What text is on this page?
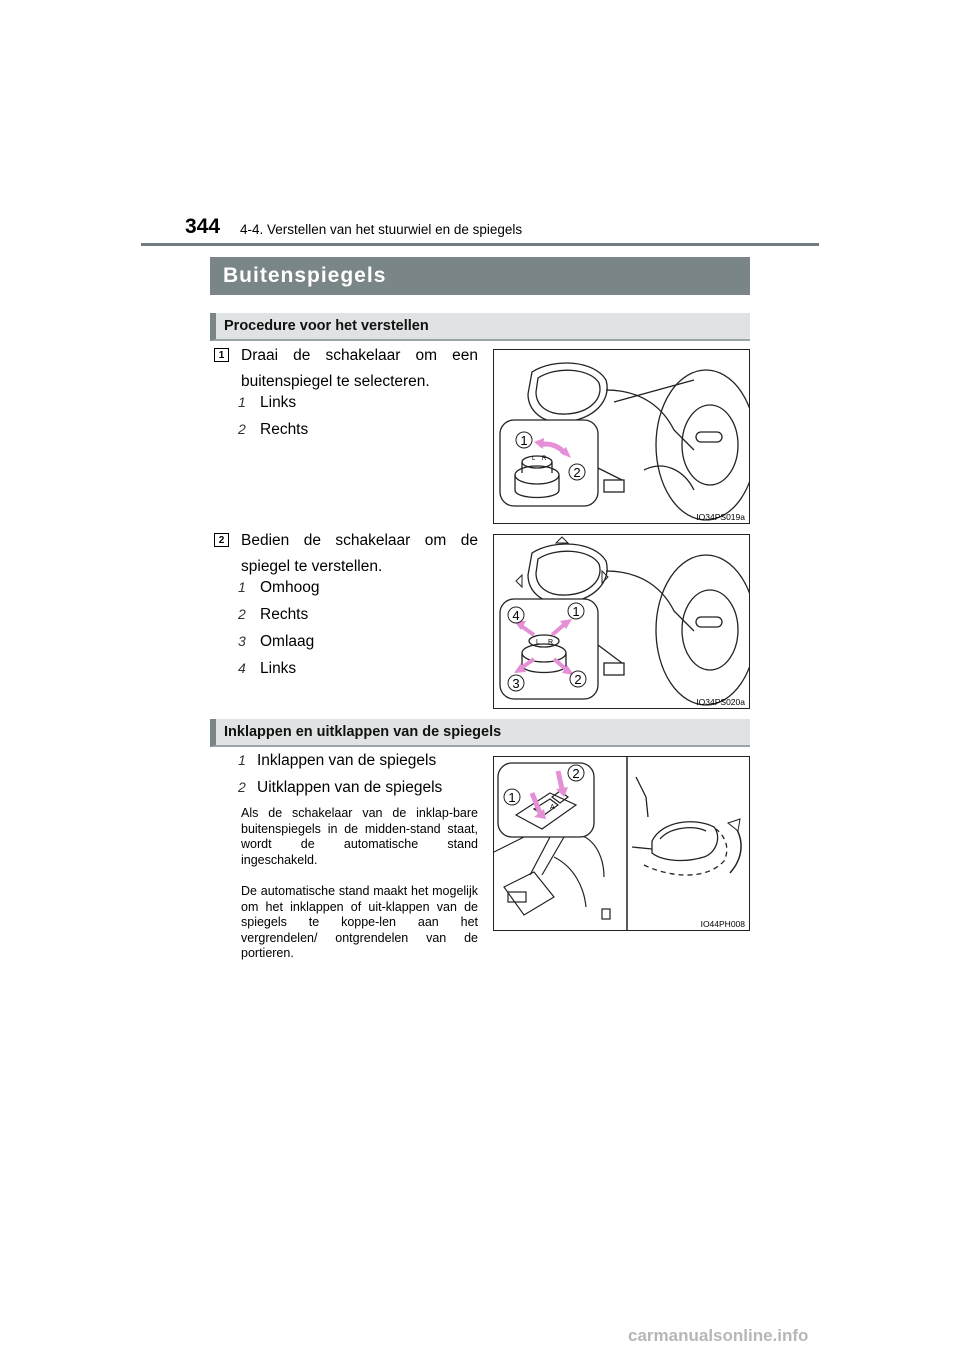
344 4-4. Verstellen van het stuurwiel en de spiegels
Buitenspiegels
Procedure voor het verstellen
1	Draai de schakelaar om een buitenspiegel te selecteren.
1 Links
2 Rechts
1
2
L R
IO34PS019a
2	Bedien de schakelaar om de spiegel te verstellen.
1 Omhoog
2 Rechts
3 Omlaag
4 Links
1
2
3
4
L R
IO34PS020a
Inklappen en uitklappen van de spiegels
1 Inklappen van de spiegels
2 Uitklappen van de spiegels
Als de schakelaar van de inklap-bare buitenspiegels in de midden-stand staat, wordt de automatische stand ingeschakeld.
De automatische stand maakt het mogelijk om het inklappen of uit-klappen van de spiegels te koppe-len aan het vergrendelen/ ontgrendelen van de portieren.
1
2
A
IO44PH008
carmanualsonline.info
